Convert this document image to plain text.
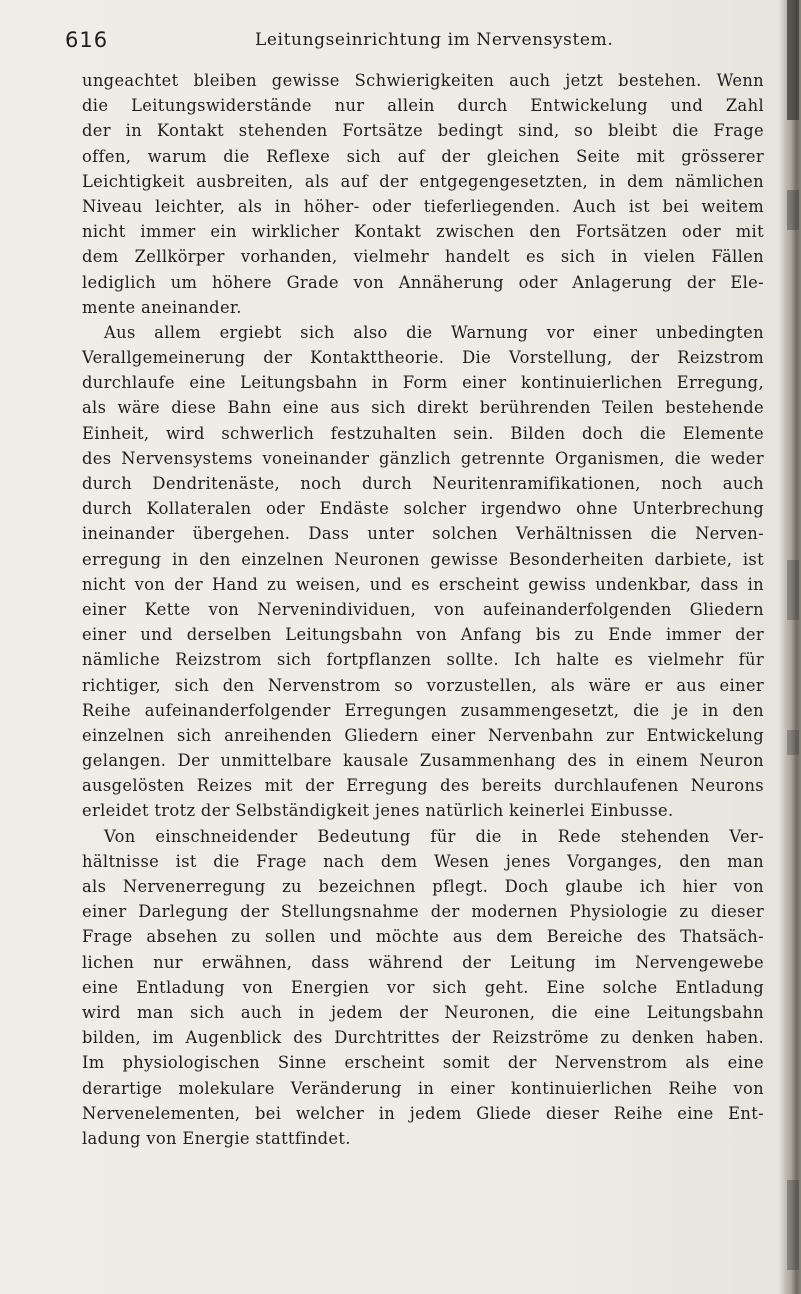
616	Leitungseinrichtung im Nervensystem.
ungeachtet bleiben gewisse Schwierigkeiten auch jetzt bestehen. Wenn
die Leitungswiderstände nur allein durch Entwickelung und Zahl
der in Kontakt stehenden Fortsätze bedingt sind, so bleibt die Frage
offen, warum die Reflexe sich auf der gleichen Seite mit grösserer
Leichtigkeit ausbreiten, als auf der entgegengesetzten, in dem nämlichen
Niveau leichter, als in höher- oder tieferliegenden. Auch ist bei weitem
nicht immer ein wirklicher Kontakt zwischen den Fortsätzen oder mit
dem Zellkörper vorhanden, vielmehr handelt es sich in vielen Fällen
lediglich um höhere Grade von Annäherung oder Anlagerung der Ele-
mente aneinander.
Aus allem ergiebt sich also die Warnung vor einer unbedingten
Verallgemeinerung der Kontakttheorie. Die Vorstellung, der Reizstrom
durchlaufe eine Leitungsbahn in Form einer kontinuierlichen Erregung,
als wäre diese Bahn eine aus sich direkt berührenden Teilen bestehende
Einheit, wird schwerlich festzuhalten sein. Bilden doch die Elemente
des Nervensystems voneinander gänzlich getrennte Organismen, die weder
durch Dendritenäste, noch durch Neuritenramifikationen, noch auch
durch Kollateralen oder Endäste solcher irgendwo ohne Unterbrechung
ineinander übergehen. Dass unter solchen Verhältnissen die Nerven-
erregung in den einzelnen Neuronen gewisse Besonderheiten darbiete, ist
nicht von der Hand zu weisen, und es erscheint gewiss undenkbar, dass in
einer Kette von Nervenindividuen, von aufeinanderfolgenden Gliedern
einer und derselben Leitungsbahn von Anfang bis zu Ende immer der
nämliche Reizstrom sich fortpflanzen sollte. Ich halte es vielmehr für
richtiger, sich den Nervenstrom so vorzustellen, als wäre er aus einer
Reihe aufeinanderfolgender Erregungen zusammengesetzt, die je in den
einzelnen sich anreihenden Gliedern einer Nervenbahn zur Entwickelung
gelangen. Der unmittelbare kausale Zusammenhang des in einem Neuron
ausgelösten Reizes mit der Erregung des bereits durchlaufenen Neurons
erleidet trotz der Selbständigkeit jenes natürlich keinerlei Einbusse.
Von einschneidender Bedeutung für die in Rede stehenden Ver-
hältnisse ist die Frage nach dem Wesen jenes Vorganges, den man
als Nervenerregung zu bezeichnen pflegt. Doch glaube ich hier von
einer Darlegung der Stellungsnahme der modernen Physiologie zu dieser
Frage absehen zu sollen und möchte aus dem Bereiche des Thatsäch-
lichen nur erwähnen, dass während der Leitung im Nervengewebe
eine Entladung von Energien vor sich geht. Eine solche Entladung
wird man sich auch in jedem der Neuronen, die eine Leitungsbahn
bilden, im Augenblick des Durchtrittes der Reizströme zu denken haben.
Im physiologischen Sinne erscheint somit der Nervenstrom als eine
derartige molekulare Veränderung in einer kontinuierlichen Reihe von
Nervenelementen, bei welcher in jedem Gliede dieser Reihe eine Ent-
ladung von Energie stattfindet.
